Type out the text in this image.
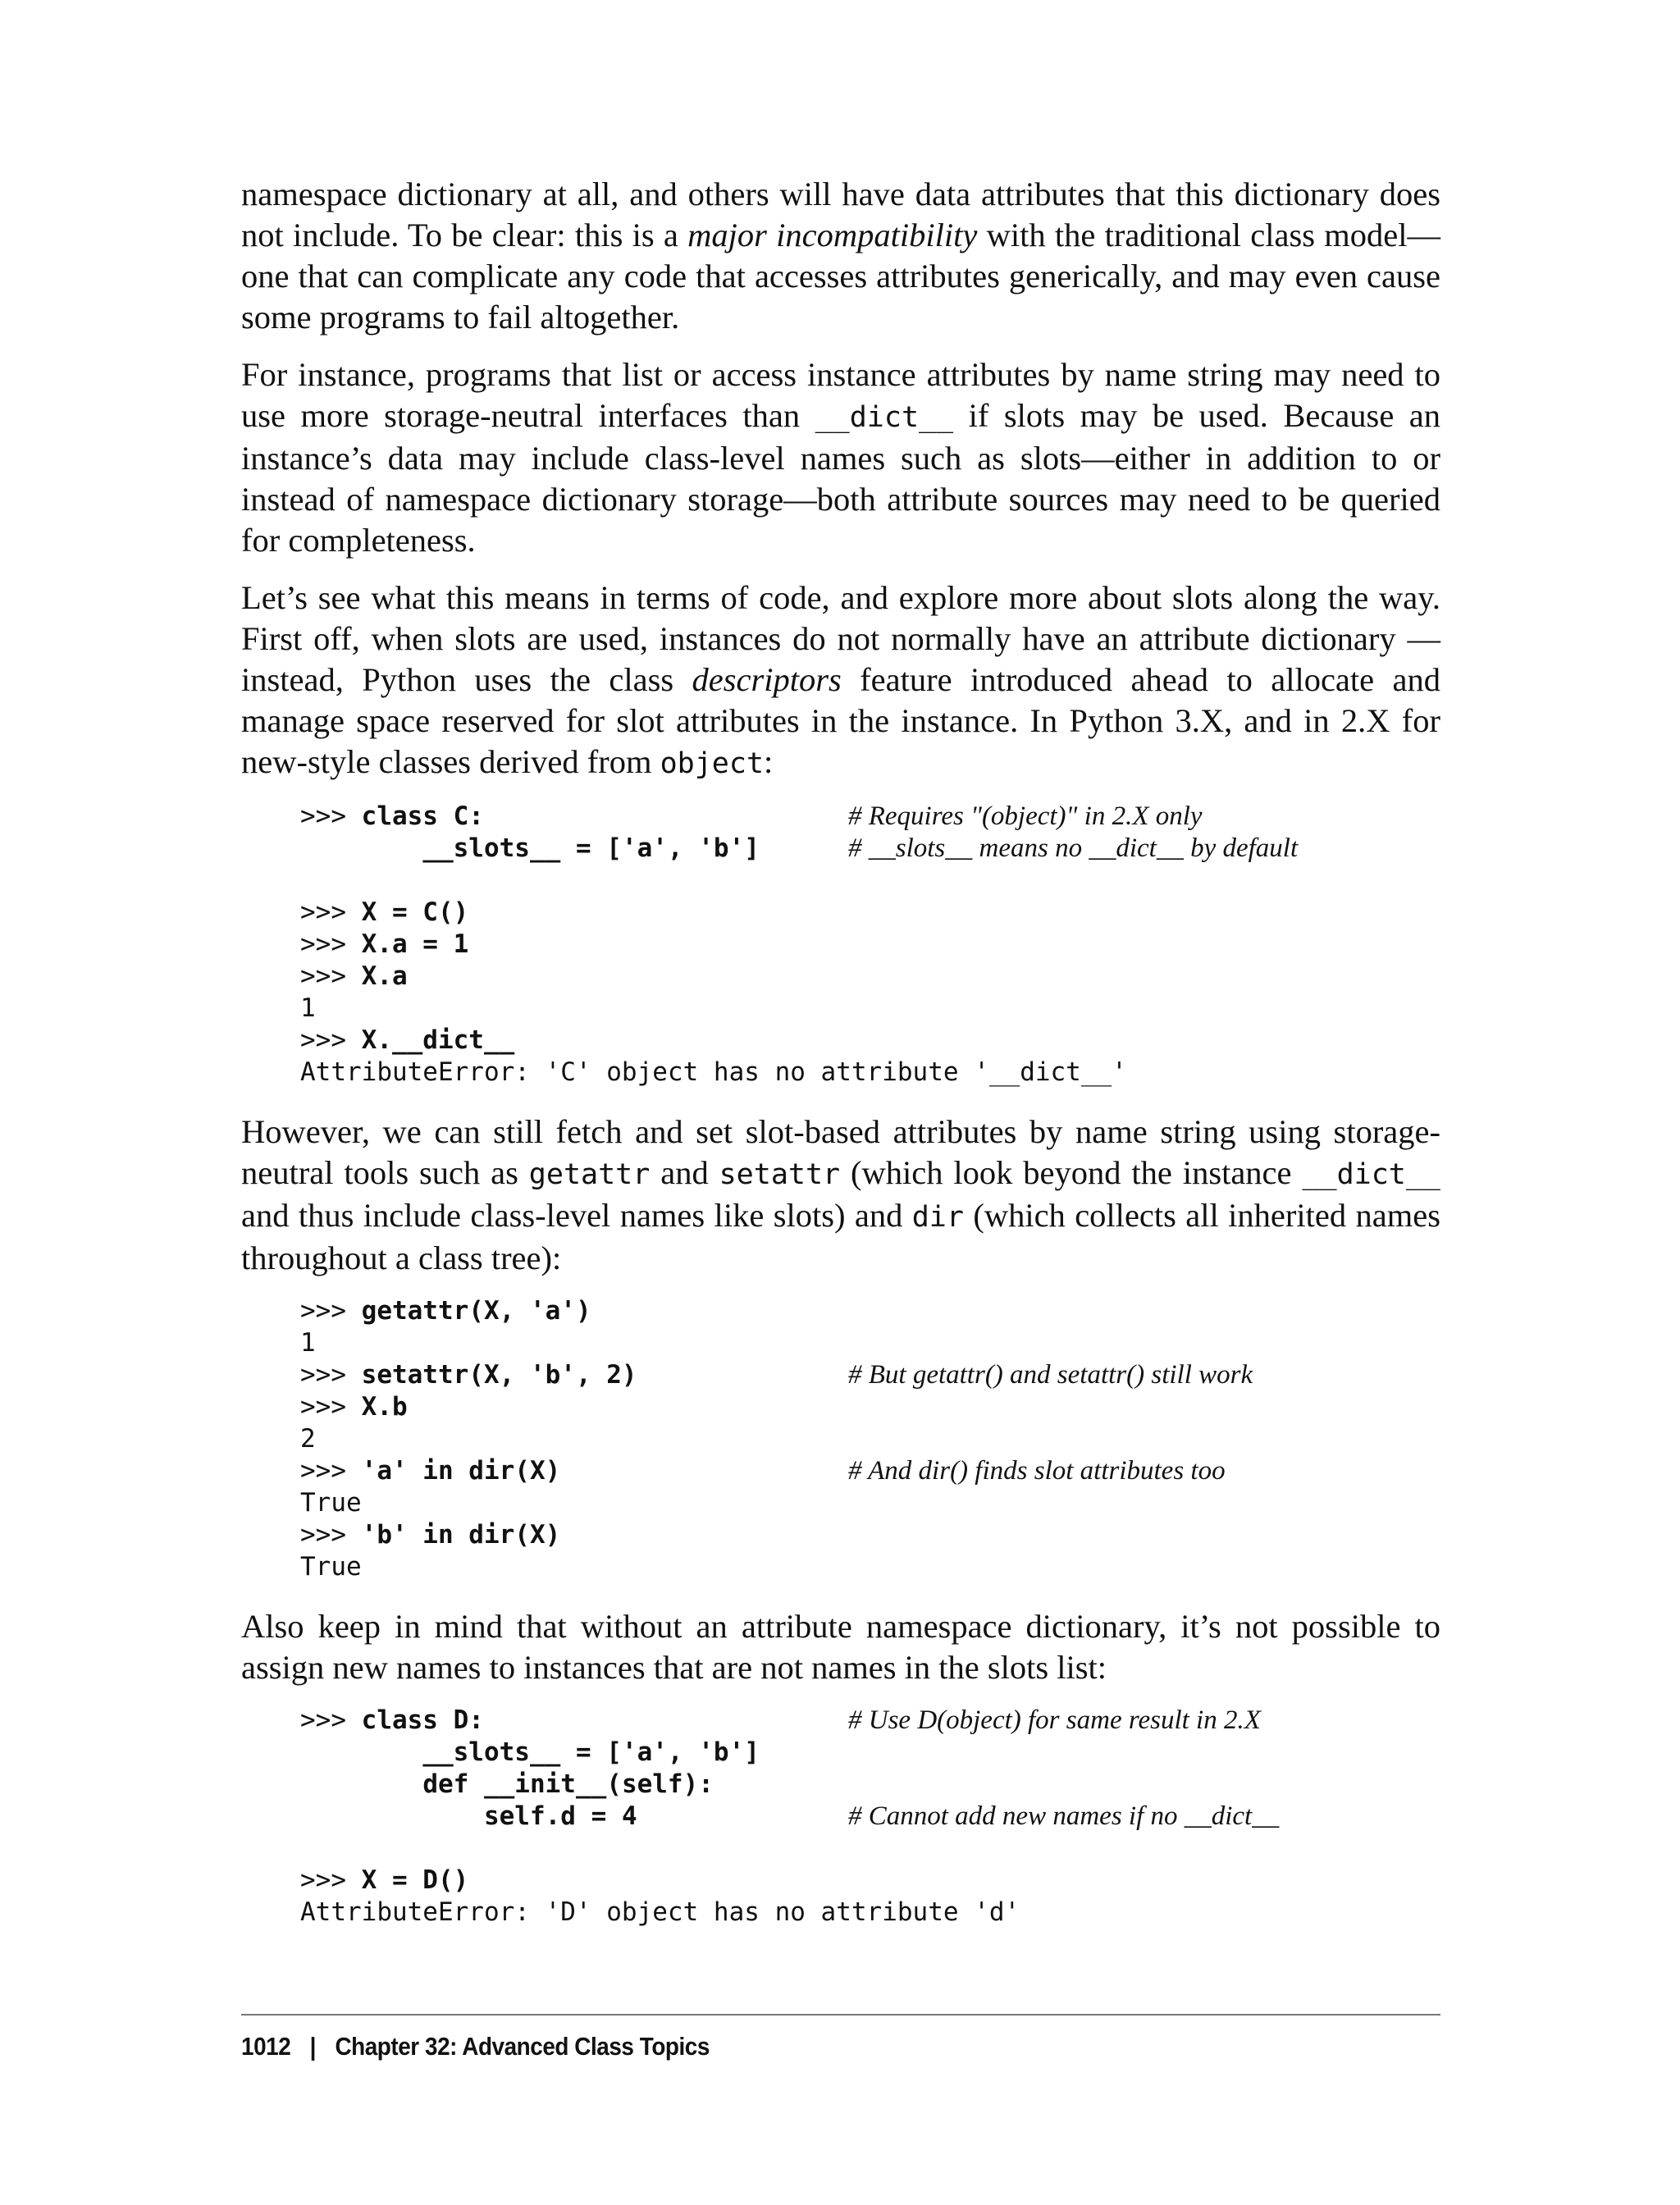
namespace dictionary at all, and others will have data attributes that this dictionary does not include. To be clear: this is a major incompatibility with the traditional class model—one that can complicate any code that accesses attributes generically, and may even cause some programs to fail altogether.

For instance, programs that list or access instance attributes by name string may need to use more storage-neutral interfaces than __dict__ if slots may be used. Because an instance’s data may include class-level names such as slots—either in addition to or instead of namespace dictionary storage—both attribute sources may need to be queried for completeness.

Let’s see what this means in terms of code, and explore more about slots along the way. First off, when slots are used, instances do not normally have an attribute dictionary —instead, Python uses the class descriptors feature introduced ahead to allocate and manage space reserved for slot attributes in the instance. In Python 3.X, and in 2.X for new-style classes derived from object:

>>> class C:	# Requires "(object)" in 2.X only
__slots__ = ['a', 'b']	# __slots__ means no __dict__ by default
>>> X = C()
>>> X.a = 1
>>> X.a
1
>>> X.__dict__
AttributeError: 'C' object has no attribute '__dict__'

However, we can still fetch and set slot-based attributes by name string using storage-neutral tools such as getattr and setattr (which look beyond the instance __dict__ and thus include class-level names like slots) and dir (which collects all inherited names throughout a class tree):

>>> getattr(X, 'a')
1
>>> setattr(X, 'b', 2)	# But getattr() and setattr() still work
>>> X.b
2
>>> 'a' in dir(X)	# And dir() finds slot attributes too
True
>>> 'b' in dir(X)
True

Also keep in mind that without an attribute namespace dictionary, it’s not possible to assign new names to instances that are not names in the slots list:

>>> class D:	# Use D(object) for same result in 2.X
__slots__ = ['a', 'b']
def __init__(self):
self.d = 4	# Cannot add new names if no __dict__
>>> X = D()
AttributeError: 'D' object has no attribute 'd'
1012 | Chapter 32: Advanced Class Topics
